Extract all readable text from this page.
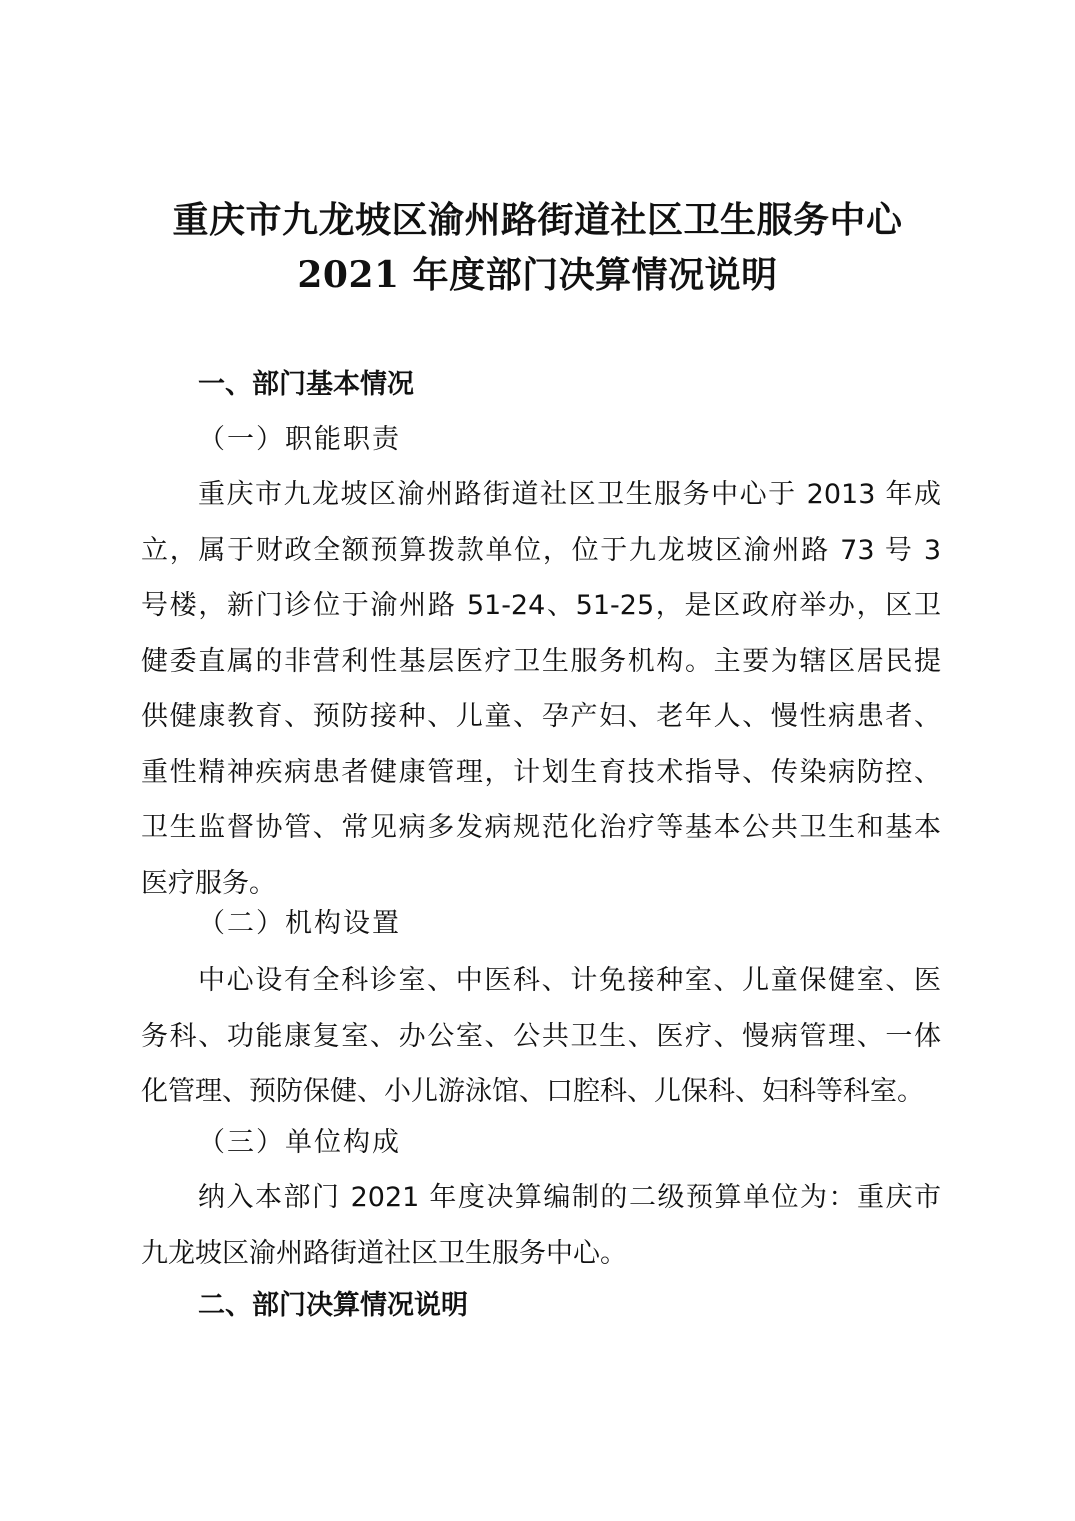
重庆市九龙坡区渝州路街道社区卫生服务中心
2021 年度部门决算情况说明
一、部门基本情况
（一）职能职责
重庆市九龙坡区渝州路街道社区卫生服务中心于 2013 年成
立，属于财政全额预算拨款单位，位于九龙坡区渝州路 73 号 3
号楼，新门诊位于渝州路 51-24、51-25，是区政府举办，区卫
健委直属的非营利性基层医疗卫生服务机构。主要为辖区居民提
供健康教育、预防接种、儿童、孕产妇、老年人、慢性病患者、
重性精神疾病患者健康管理，计划生育技术指导、传染病防控、
卫生监督协管、常见病多发病规范化治疗等基本公共卫生和基本
医疗服务。
（二）机构设置
中心设有全科诊室、中医科、计免接种室、儿童保健室、医
务科、功能康复室、办公室、公共卫生、医疗、慢病管理、一体
化管理、预防保健、小儿游泳馆、口腔科、儿保科、妇科等科室。
（三）单位构成
纳入本部门 2021 年度决算编制的二级预算单位为：重庆市
九龙坡区渝州路街道社区卫生服务中心。
二、部门决算情况说明
